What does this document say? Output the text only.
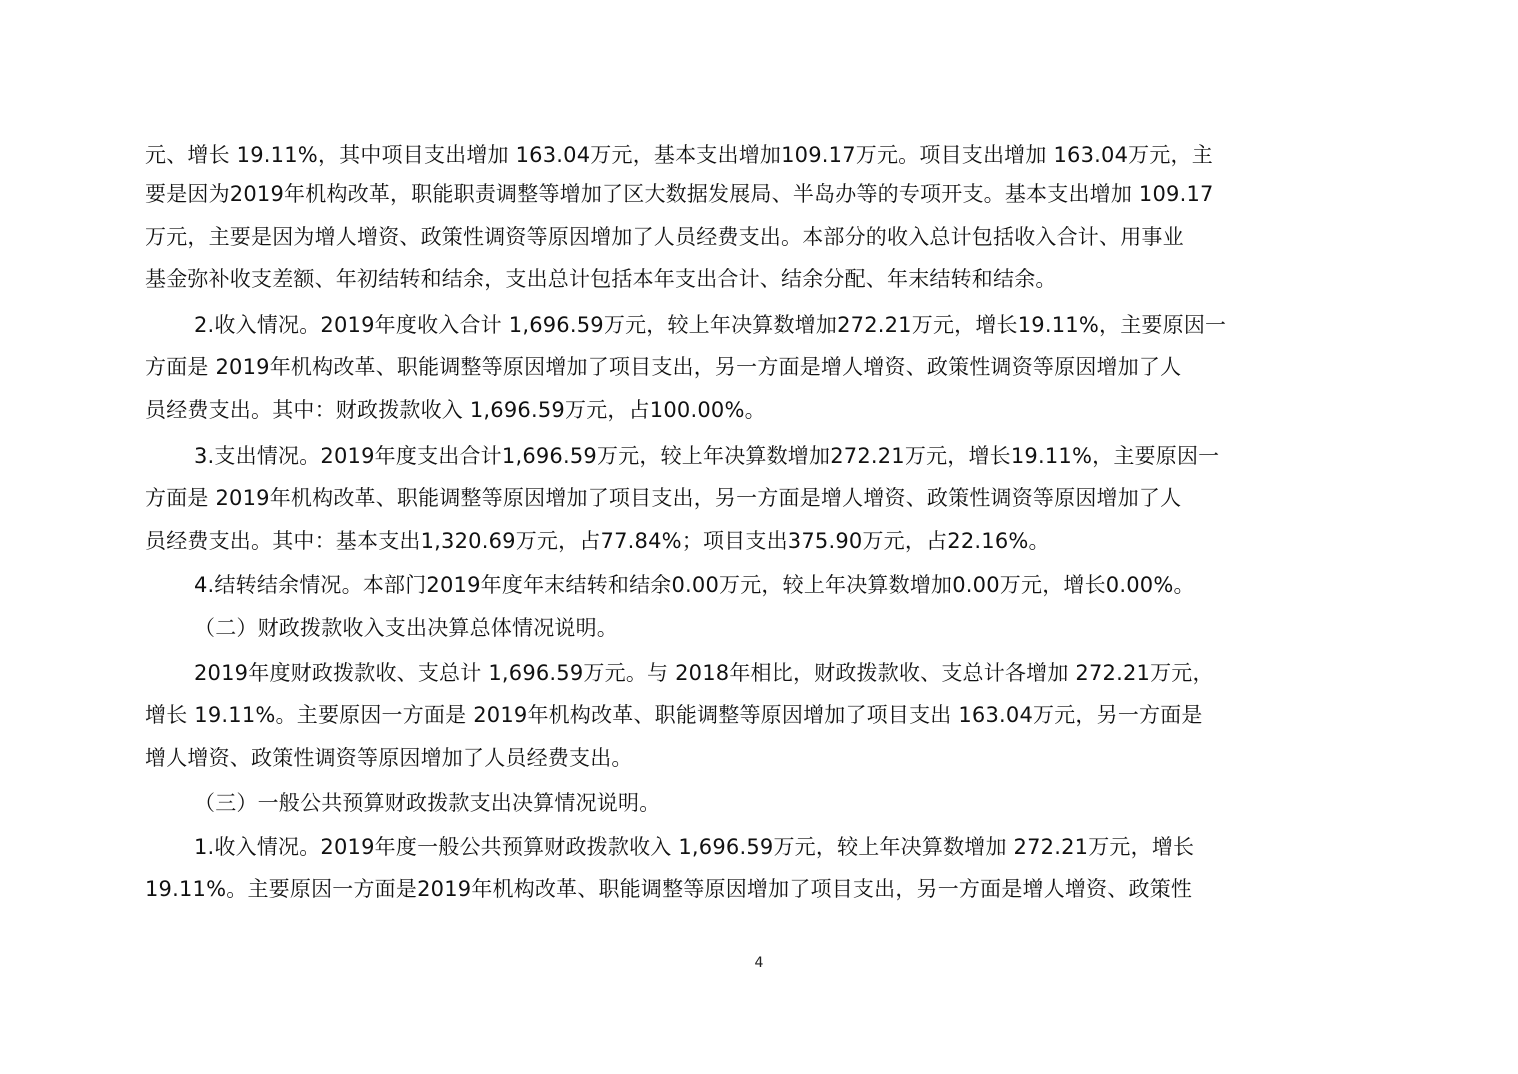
元、增长 19.11%，其中项目支出增加 163.04万元，基本支出增加109.17万元。项目支出增加 163.04万元，主
要是因为2019年机构改革，职能职责调整等增加了区大数据发展局、半岛办等的专项开支。基本支出增加 109.17
万元，主要是因为增人增资、政策性调资等原因增加了人员经费支出。本部分的收入总计包括收入合计、用事业
基金弥补收支差额、年初结转和结余，支出总计包括本年支出合计、结余分配、年末结转和结余。
2.收入情况。2019年度收入合计 1,696.59万元，较上年决算数增加272.21万元，增长19.11%，主要原因一
方面是 2019年机构改革、职能调整等原因增加了项目支出，另一方面是增人增资、政策性调资等原因增加了人
员经费支出。其中：财政拨款收入 1,696.59万元，占100.00%。
3.支出情况。2019年度支出合计1,696.59万元，较上年决算数增加272.21万元，增长19.11%，主要原因一
方面是 2019年机构改革、职能调整等原因增加了项目支出，另一方面是增人增资、政策性调资等原因增加了人
员经费支出。其中：基本支出1,320.69万元，占77.84%；项目支出375.90万元，占22.16%。
4.结转结余情况。本部门2019年度年末结转和结余0.00万元，较上年决算数增加0.00万元，增长0.00%。
（二）财政拨款收入支出决算总体情况说明。
2019年度财政拨款收、支总计 1,696.59万元。与 2018年相比，财政拨款收、支总计各增加 272.21万元，
增长 19.11%。主要原因一方面是 2019年机构改革、职能调整等原因增加了项目支出 163.04万元，另一方面是
增人增资、政策性调资等原因增加了人员经费支出。
（三）一般公共预算财政拨款支出决算情况说明。
1.收入情况。2019年度一般公共预算财政拨款收入 1,696.59万元，较上年决算数增加 272.21万元，增长
19.11%。主要原因一方面是2019年机构改革、职能调整等原因增加了项目支出，另一方面是增人增资、政策性
4
